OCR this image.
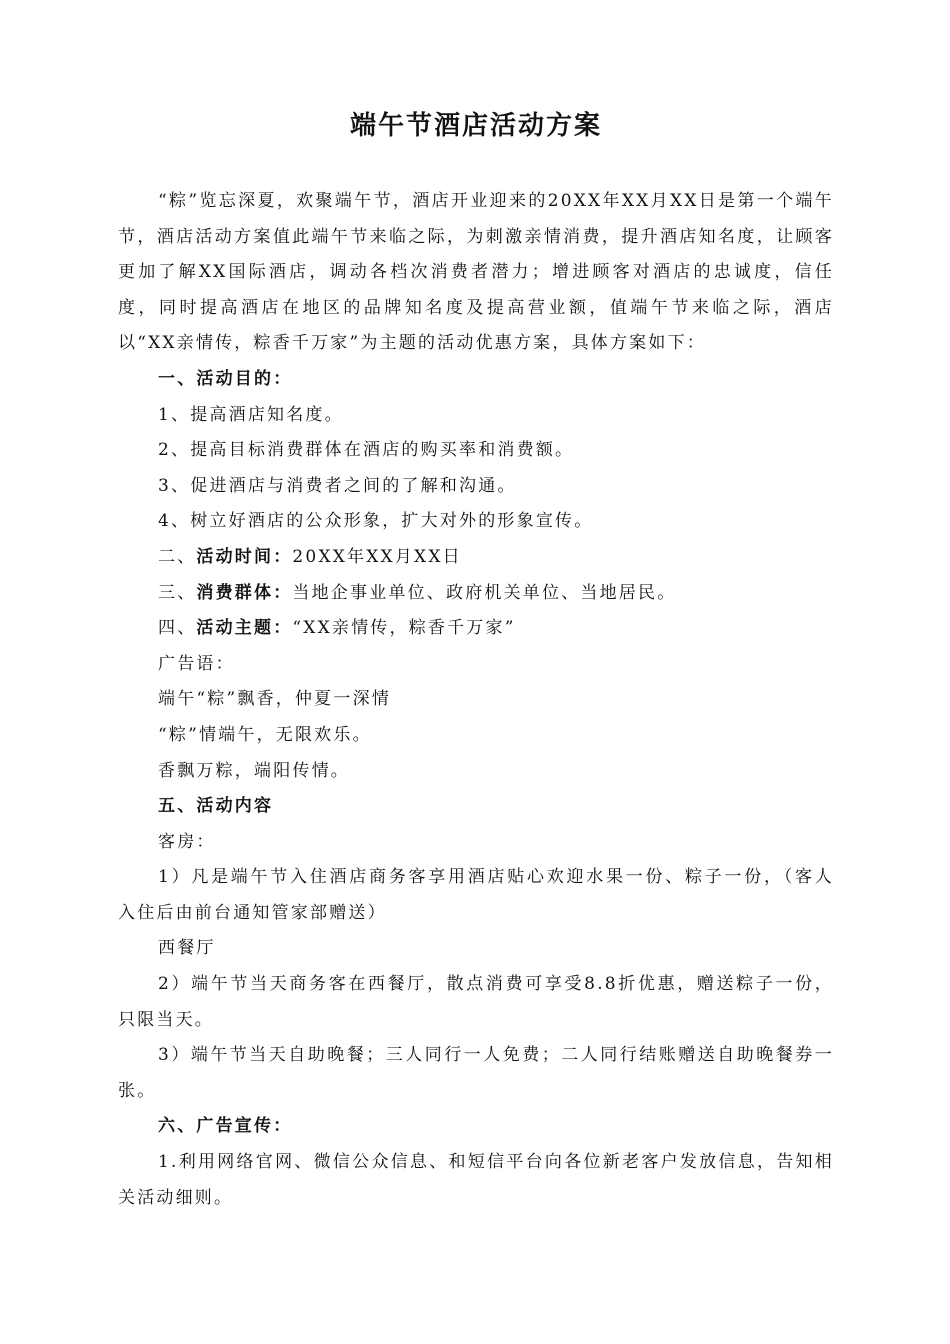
端午节酒店活动方案

“粽”览忘深夏，欢聚端午节，酒店开业迎来的20XX年XX月XX日是第一个端午节，酒店活动方案值此端午节来临之际，为刺激亲情消费，提升酒店知名度，让顾客更加了解XX国际酒店，调动各档次消费者潜力；增进顾客对酒店的忠诚度，信任度，同时提高酒店在地区的品牌知名度及提高营业额，值端午节来临之际，酒店以“XX亲情传，粽香千万家”为主题的活动优惠方案，具体方案如下：

一、活动目的：

1、提高酒店知名度。

2、提高目标消费群体在酒店的购买率和消费额。

3、促进酒店与消费者之间的了解和沟通。

4、树立好酒店的公众形象，扩大对外的形象宣传。

二、活动时间：20XX年XX月XX日

三、消费群体：当地企事业单位、政府机关单位、当地居民。

四、活动主题：“XX亲情传，粽香千万家”

广告语：

端午“粽”飘香，仲夏一深情

“粽”情端午，无限欢乐。

香飘万粽，端阳传情。

五、活动内容

客房：

1）凡是端午节入住酒店商务客享用酒店贴心欢迎水果一份、粽子一份，（客人入住后由前台通知管家部赠送）

西餐厅

2）端午节当天商务客在西餐厅，散点消费可享受8.8折优惠，赠送粽子一份，只限当天。

3）端午节当天自助晚餐；三人同行一人免费；二人同行结账赠送自助晚餐券一张。

六、广告宣传：

1.利用网络官网、微信公众信息、和短信平台向各位新老客户发放信息，告知相关活动细则。
